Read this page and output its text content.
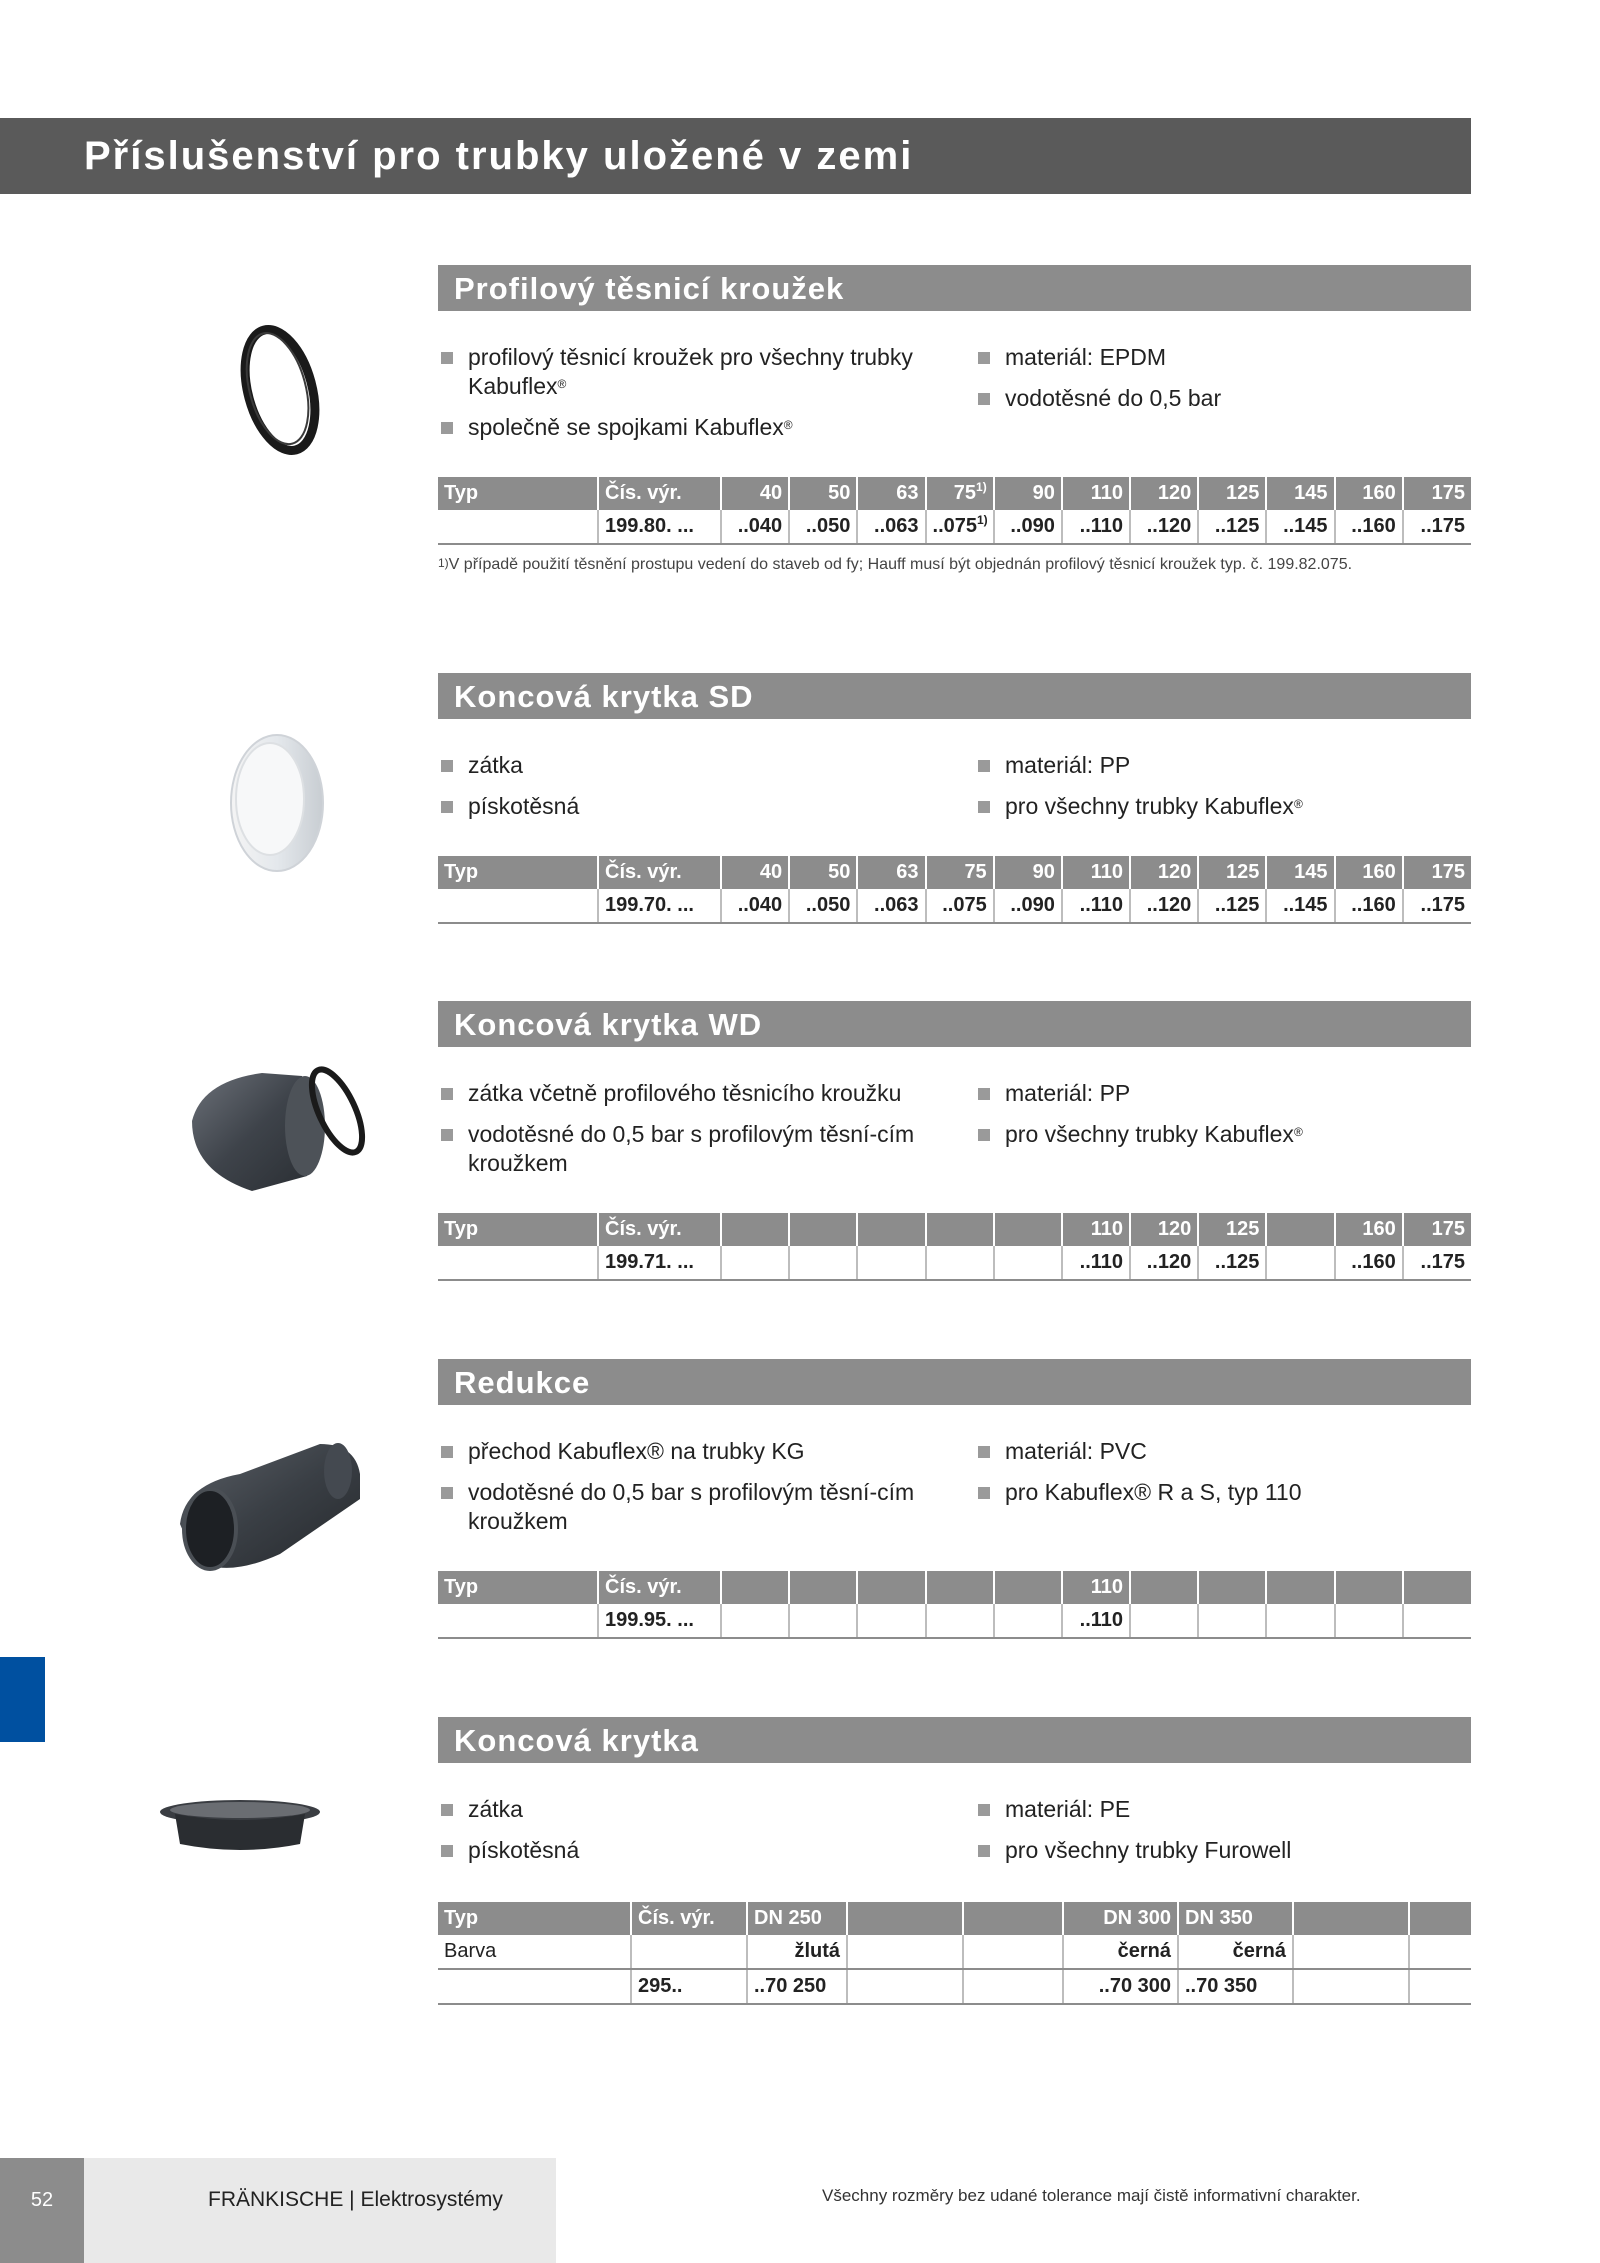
Příslušenství pro trubky uložené v zemi
Profilový těsnicí kroužek
profilový těsnicí kroužek pro všechny trubky Kabuflex®
společně se spojkami Kabuflex®
materiál: EPDM
vodotěsné do 0,5 bar
Typ	Čís. výr.	40	50	63	75$^{1)}$	90	110	120	125	145	160	175
	199.80. ...	..040	..050	..063	..075$^{1)}$	..090	..110	..120	..125	..145	..160	..175
$^{1)}$V případě použití těsnění prostupu vedení do staveb od fy; Hauff musí být objednán profilový těsnicí kroužek typ. č. 199.82.075.
Koncová krytka SD
zátka
pískotěsná
materiál: PP
pro všechny trubky Kabuflex®
Typ	Čís. výr.	40	50	63	75	90	110	120	125	145	160	175
	199.70. ...	..040	..050	..063	..075	..090	..110	..120	..125	..145	..160	..175
Koncová krytka WD
zátka včetně profilového těsnicího kroužku
vodotěsné do 0,5 bar s profilovým těsní-cím kroužkem
materiál: PP
pro všechny trubky Kabuflex®
Typ	Čís. výr.						110	120	125		160	175
	199.71. ...						..110	..120	..125		..160	..175
Redukce
přechod Kabuflex® na trubky KG
vodotěsné do 0,5 bar s profilovým těsní-cím kroužkem
materiál: PVC
pro Kabuflex® R a S, typ 110
Typ	Čís. výr.						110					
	199.95. ...						..110					
Koncová krytka
zátka
pískotěsná
materiál: PE
pro všechny trubky Furowell
Typ	Čís. výr.	DN 250			DN 300	DN 350		
Barva		žlutá			černá	černá		
	295..	..70 250			..70 300	..70 350		
52	FRÄNKISCHE | Elektrosystémy	Všechny rozměry bez udané tolerance mají čistě informativní charakter.
